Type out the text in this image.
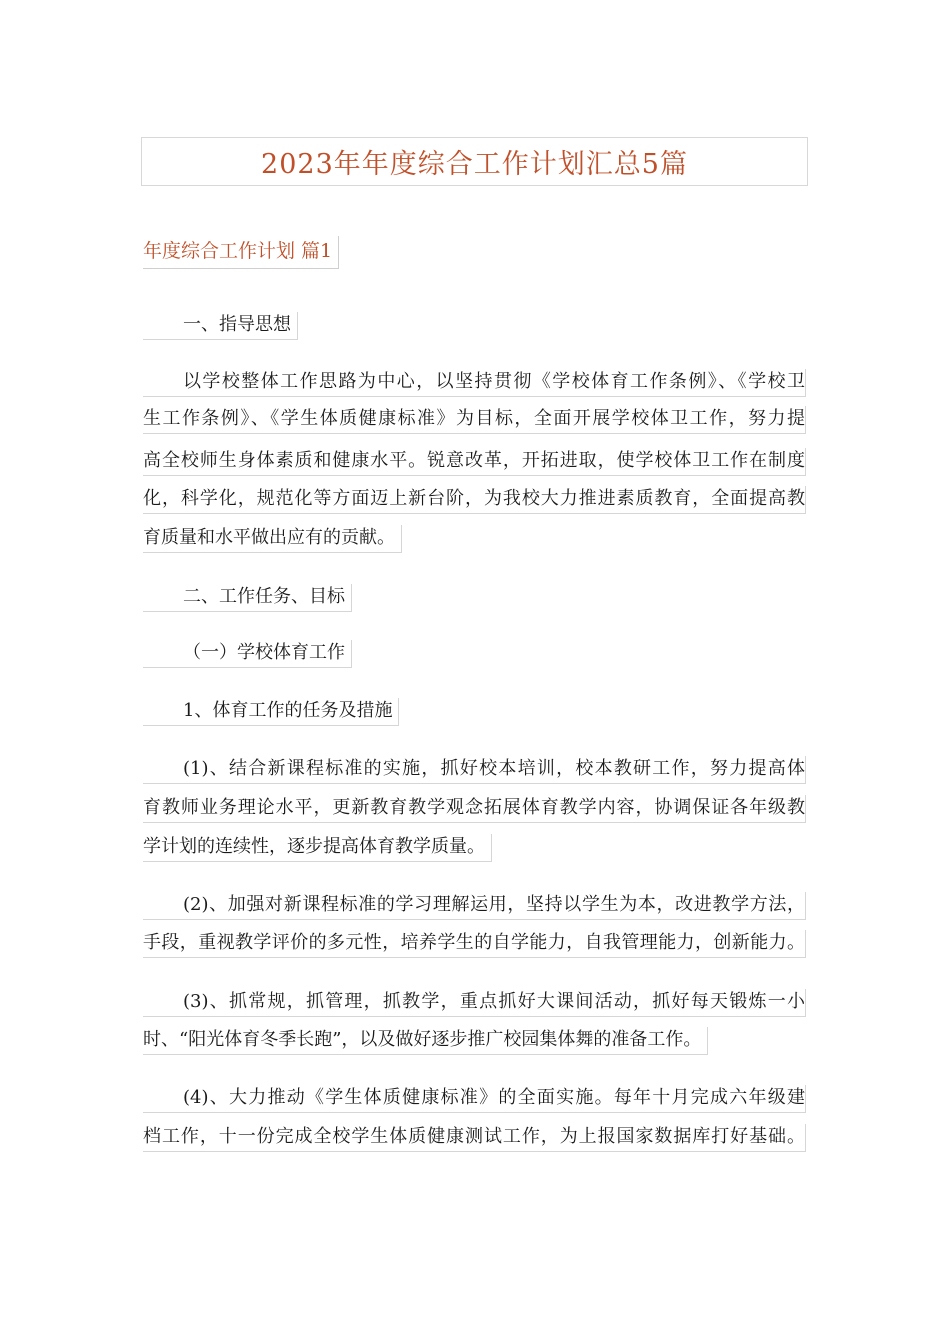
2023年年度综合工作计划汇总5篇
年度综合工作计划 篇1
一、指导思想
以学校整体工作思路为中心，以坚持贯彻《学校体育工作条例》、《学校卫
生工作条例》、《学生体质健康标准》为目标，全面开展学校体卫工作，努力提
高全校师生身体素质和健康水平。锐意改革，开拓进取，使学校体卫工作在制度
化，科学化，规范化等方面迈上新台阶，为我校大力推进素质教育，全面提高教
育质量和水平做出应有的贡献。
二、工作任务、目标
（一）学校体育工作
1、体育工作的任务及措施
(1)、结合新课程标准的实施，抓好校本培训，校本教研工作，努力提高体
育教师业务理论水平，更新教育教学观念拓展体育教学内容，协调保证各年级教
学计划的连续性，逐步提高体育教学质量。
(2)、加强对新课程标准的学习理解运用，坚持以学生为本，改进教学方法，
手段，重视教学评价的多元性，培养学生的自学能力，自我管理能力，创新能力。
(3)、抓常规，抓管理，抓教学，重点抓好大课间活动，抓好每天锻炼一小
时、“阳光体育冬季长跑”，以及做好逐步推广校园集体舞的准备工作。
(4)、大力推动《学生体质健康标准》的全面实施。每年十月完成六年级建
档工作，十一份完成全校学生体质健康测试工作，为上报国家数据库打好基础。
